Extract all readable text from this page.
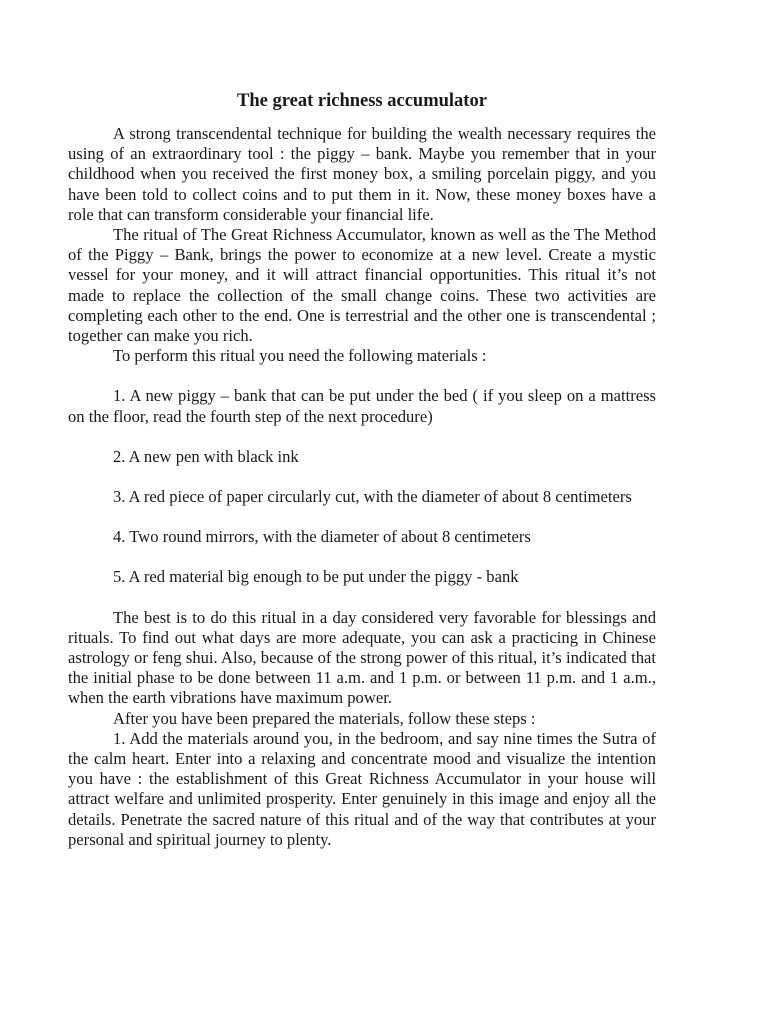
The great richness accumulator

A strong transcendental technique for building the wealth necessary requires the using of an extraordinary tool : the piggy – bank. Maybe you remember that in your childhood when you received the first money box, a smiling porcelain piggy, and you have been told to collect coins and to put them in it. Now, these money boxes have a role that can transform considerable your financial life.

The ritual of The Great Richness Accumulator, known as well as the The Method of the Piggy – Bank, brings the power to economize at a new level. Create a mystic vessel for your money, and it will attract financial opportunities. This ritual it’s not made to replace the collection of the small change coins. These two activities are completing each other to the end. One is terrestrial and the other one is transcendental ; together can make you rich.

To perform this ritual you need the following materials :

1. A new piggy – bank that can be put under the bed ( if you sleep on a mattress on the floor, read the fourth step of the next procedure)

2. A new pen with black ink

3. A red piece of paper circularly cut, with the diameter of about 8 centimeters

4. Two round mirrors, with the diameter of about 8 centimeters

5. A red material big enough to be put under the piggy - bank

The best is to do this ritual in a day considered very favorable for blessings and rituals. To find out what days are more adequate, you can ask a practicing in Chinese astrology or feng shui. Also, because of the strong power of this ritual, it’s indicated that the initial phase to be done between 11 a.m. and 1 p.m. or between 11 p.m. and 1 a.m., when the earth vibrations have maximum power.

After you have been prepared the materials, follow these steps :

1. Add the materials around you, in the bedroom, and say nine times the Sutra of the calm heart. Enter into a relaxing and concentrate mood and visualize the intention you have : the establishment of this Great Richness Accumulator in your house will attract welfare and unlimited prosperity. Enter genuinely in this image and enjoy all the details. Penetrate the sacred nature of this ritual and of the way that contributes at your personal and spiritual journey to plenty.
